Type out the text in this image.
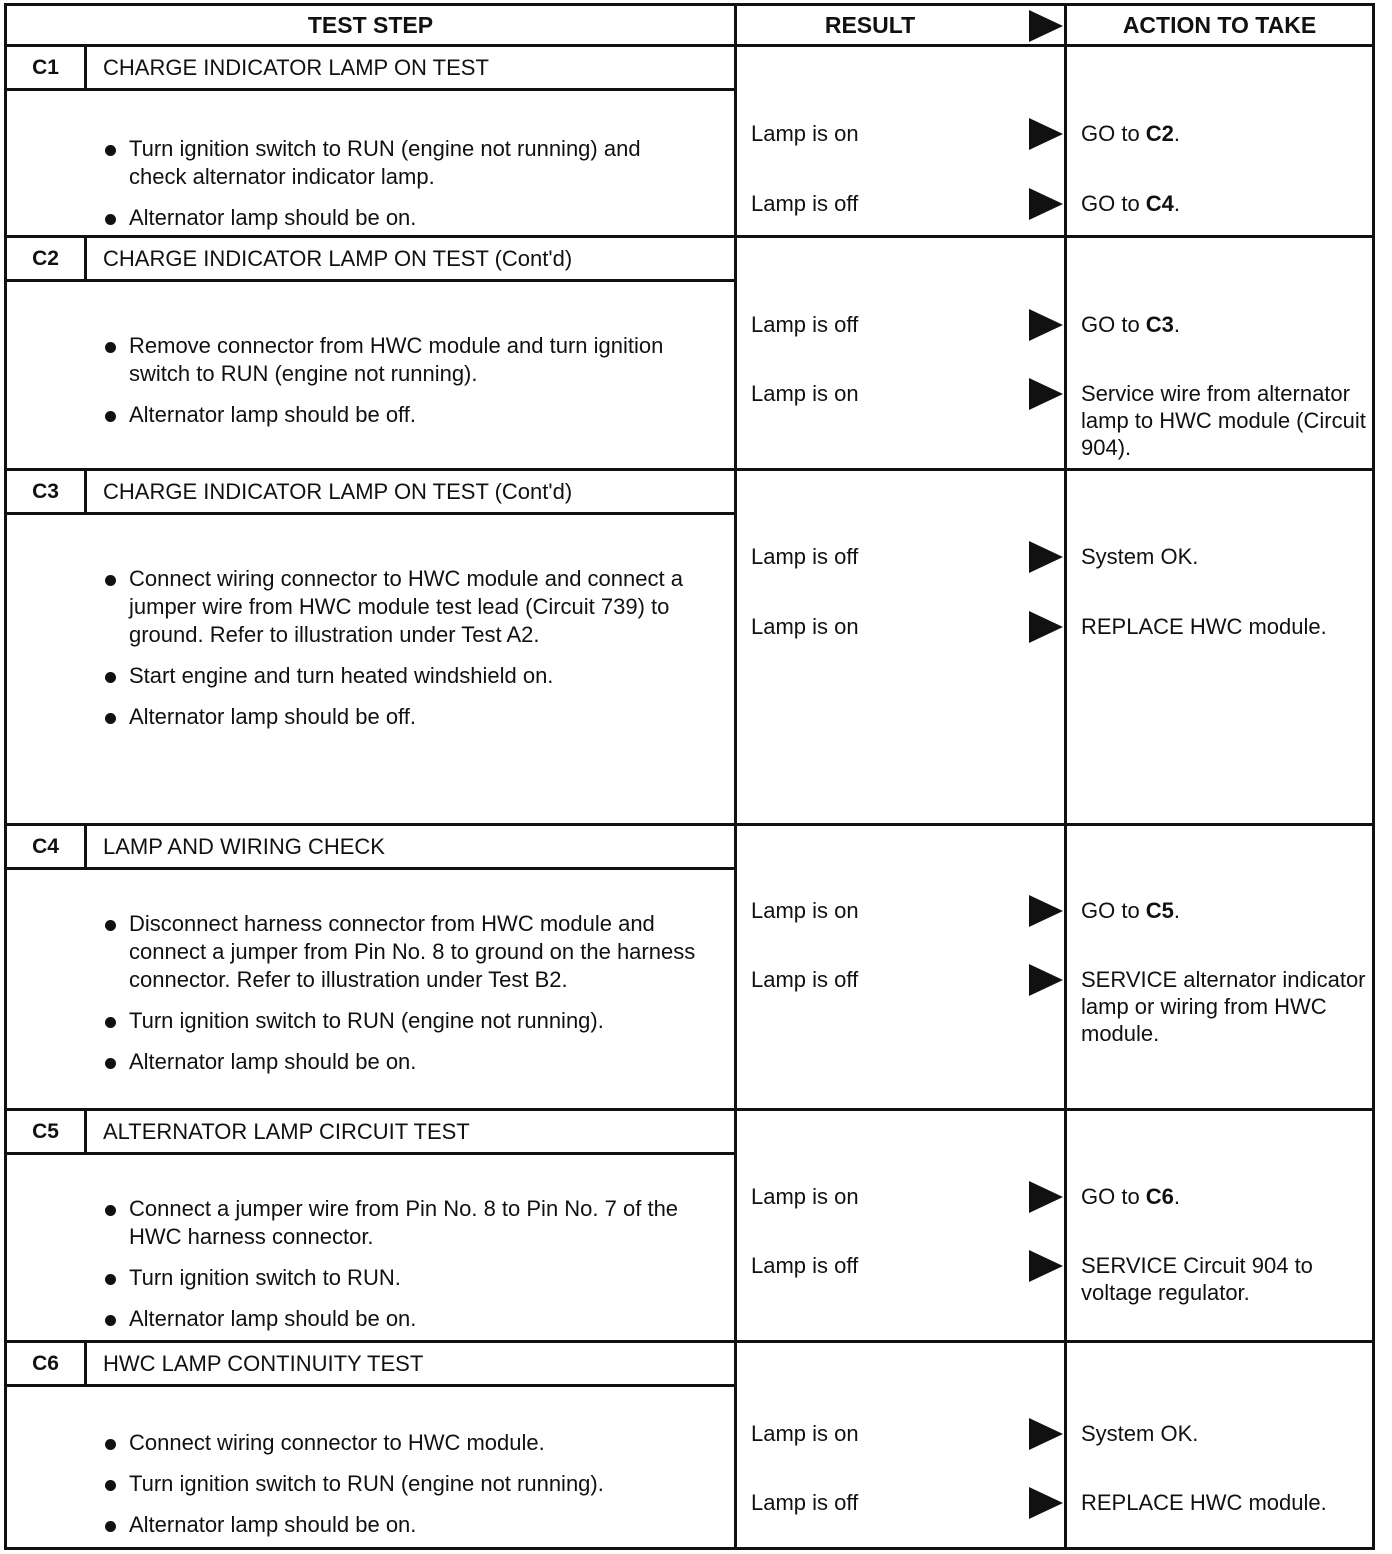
TEST STEP	RESULT	ACTION TO TAKE
C1	CHARGE INDICATOR LAMP ON TEST
Turn ignition switch to RUN (engine not running) and check alternator indicator lamp.
Alternator lamp should be on.
Lamp is on	GO to C2.
Lamp is off	GO to C4.
C2	CHARGE INDICATOR LAMP ON TEST (Cont'd)
Remove connector from HWC module and turn ignition switch to RUN (engine not running).
Alternator lamp should be off.
Lamp is off	GO to C3.
Lamp is on	Service wire from alternator lamp to HWC module (Circuit 904).
C3	CHARGE INDICATOR LAMP ON TEST (Cont'd)
Connect wiring connector to HWC module and connect a jumper wire from HWC module test lead (Circuit 739) to ground. Refer to illustration under Test A2.
Start engine and turn heated windshield on.
Alternator lamp should be off.
Lamp is off	System OK.
Lamp is on	REPLACE HWC module.
C4	LAMP AND WIRING CHECK
Disconnect harness connector from HWC module and connect a jumper from Pin No. 8 to ground on the harness connector. Refer to illustration under Test B2.
Turn ignition switch to RUN (engine not running).
Alternator lamp should be on.
Lamp is on	GO to C5.
Lamp is off	SERVICE alternator indicator lamp or wiring from HWC module.
C5	ALTERNATOR LAMP CIRCUIT TEST
Connect a jumper wire from Pin No. 8 to Pin No. 7 of the HWC harness connector.
Turn ignition switch to RUN.
Alternator lamp should be on.
Lamp is on	GO to C6.
Lamp is off	SERVICE Circuit 904 to voltage regulator.
C6	HWC LAMP CONTINUITY TEST
Connect wiring connector to HWC module.
Turn ignition switch to RUN (engine not running).
Alternator lamp should be on.
Lamp is on	System OK.
Lamp is off	REPLACE HWC module.
